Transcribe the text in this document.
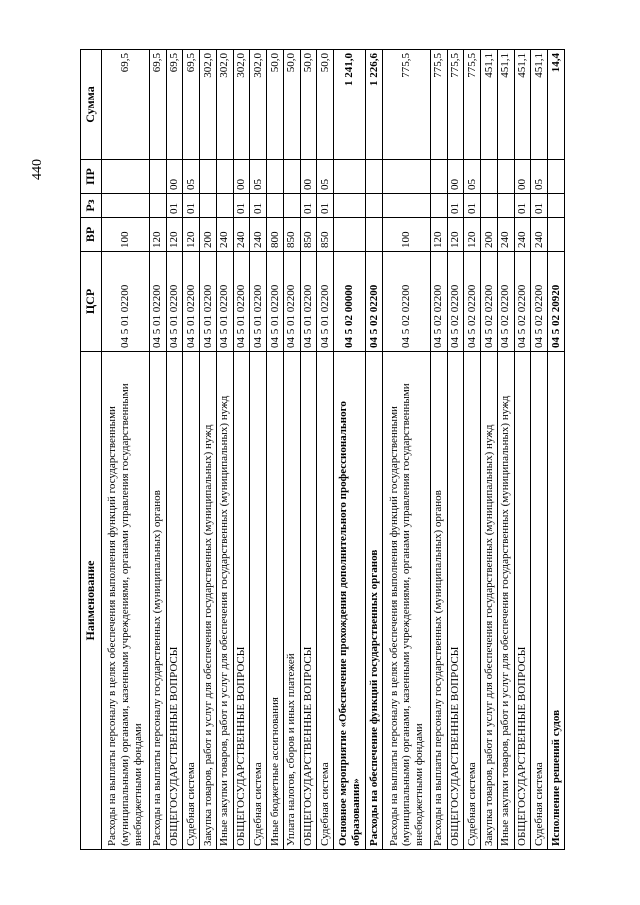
440
Наименование	ЦСР	ВР	Рз	ПР	Сумма
Расходы на выплаты персоналу в целях обеспечения выполнения функций государственными (муниципальными) органами, казенными учреждениями, органами управления государственными внебюджетными фондами	04 5 01 02200	100			69,5
Расходы на выплаты персоналу государственных (муниципальных) органов	04 5 01 02200	120			69,5
ОБЩЕГОСУДАРСТВЕННЫЕ ВОПРОСЫ	04 5 01 02200	120	01	00	69,5
Судебная система	04 5 01 02200	120	01	05	69,5
Закупка товаров, работ и услуг для обеспечения государственных (муниципальных) нужд	04 5 01 02200	200			302,0
Иные закупки товаров, работ и услуг для обеспечения государственных (муниципальных) нужд	04 5 01 02200	240			302,0
ОБЩЕГОСУДАРСТВЕННЫЕ ВОПРОСЫ	04 5 01 02200	240	01	00	302,0
Судебная система	04 5 01 02200	240	01	05	302,0
Иные бюджетные ассигнования	04 5 01 02200	800			50,0
Уплата налогов, сборов и иных платежей	04 5 01 02200	850			50,0
ОБЩЕГОСУДАРСТВЕННЫЕ ВОПРОСЫ	04 5 01 02200	850	01	00	50,0
Судебная система	04 5 01 02200	850	01	05	50,0
Основное мероприятие «Обеспечение прохождения дополнительного профессионального образования»	04 5 02 00000				1 241,0
Расходы на обеспечение функций государственных органов	04 5 02 02200				1 226,6
Расходы на выплаты персоналу в целях обеспечения выполнения функций государственными (муниципальными) органами, казенными учреждениями, органами управления государственными внебюджетными фондами	04 5 02 02200	100			775,5
Расходы на выплаты персоналу государственных (муниципальных) органов	04 5 02 02200	120			775,5
ОБЩЕГОСУДАРСТВЕННЫЕ ВОПРОСЫ	04 5 02 02200	120	01	00	775,5
Судебная система	04 5 02 02200	120	01	05	775,5
Закупка товаров, работ и услуг для обеспечения государственных (муниципальных) нужд	04 5 02 02200	200			451,1
Иные закупки товаров, работ и услуг для обеспечения государственных (муниципальных) нужд	04 5 02 02200	240			451,1
ОБЩЕГОСУДАРСТВЕННЫЕ ВОПРОСЫ	04 5 02 02200	240	01	00	451,1
Судебная система	04 5 02 02200	240	01	05	451,1
Исполнение решений судов	04 5 02 20920				14,4
